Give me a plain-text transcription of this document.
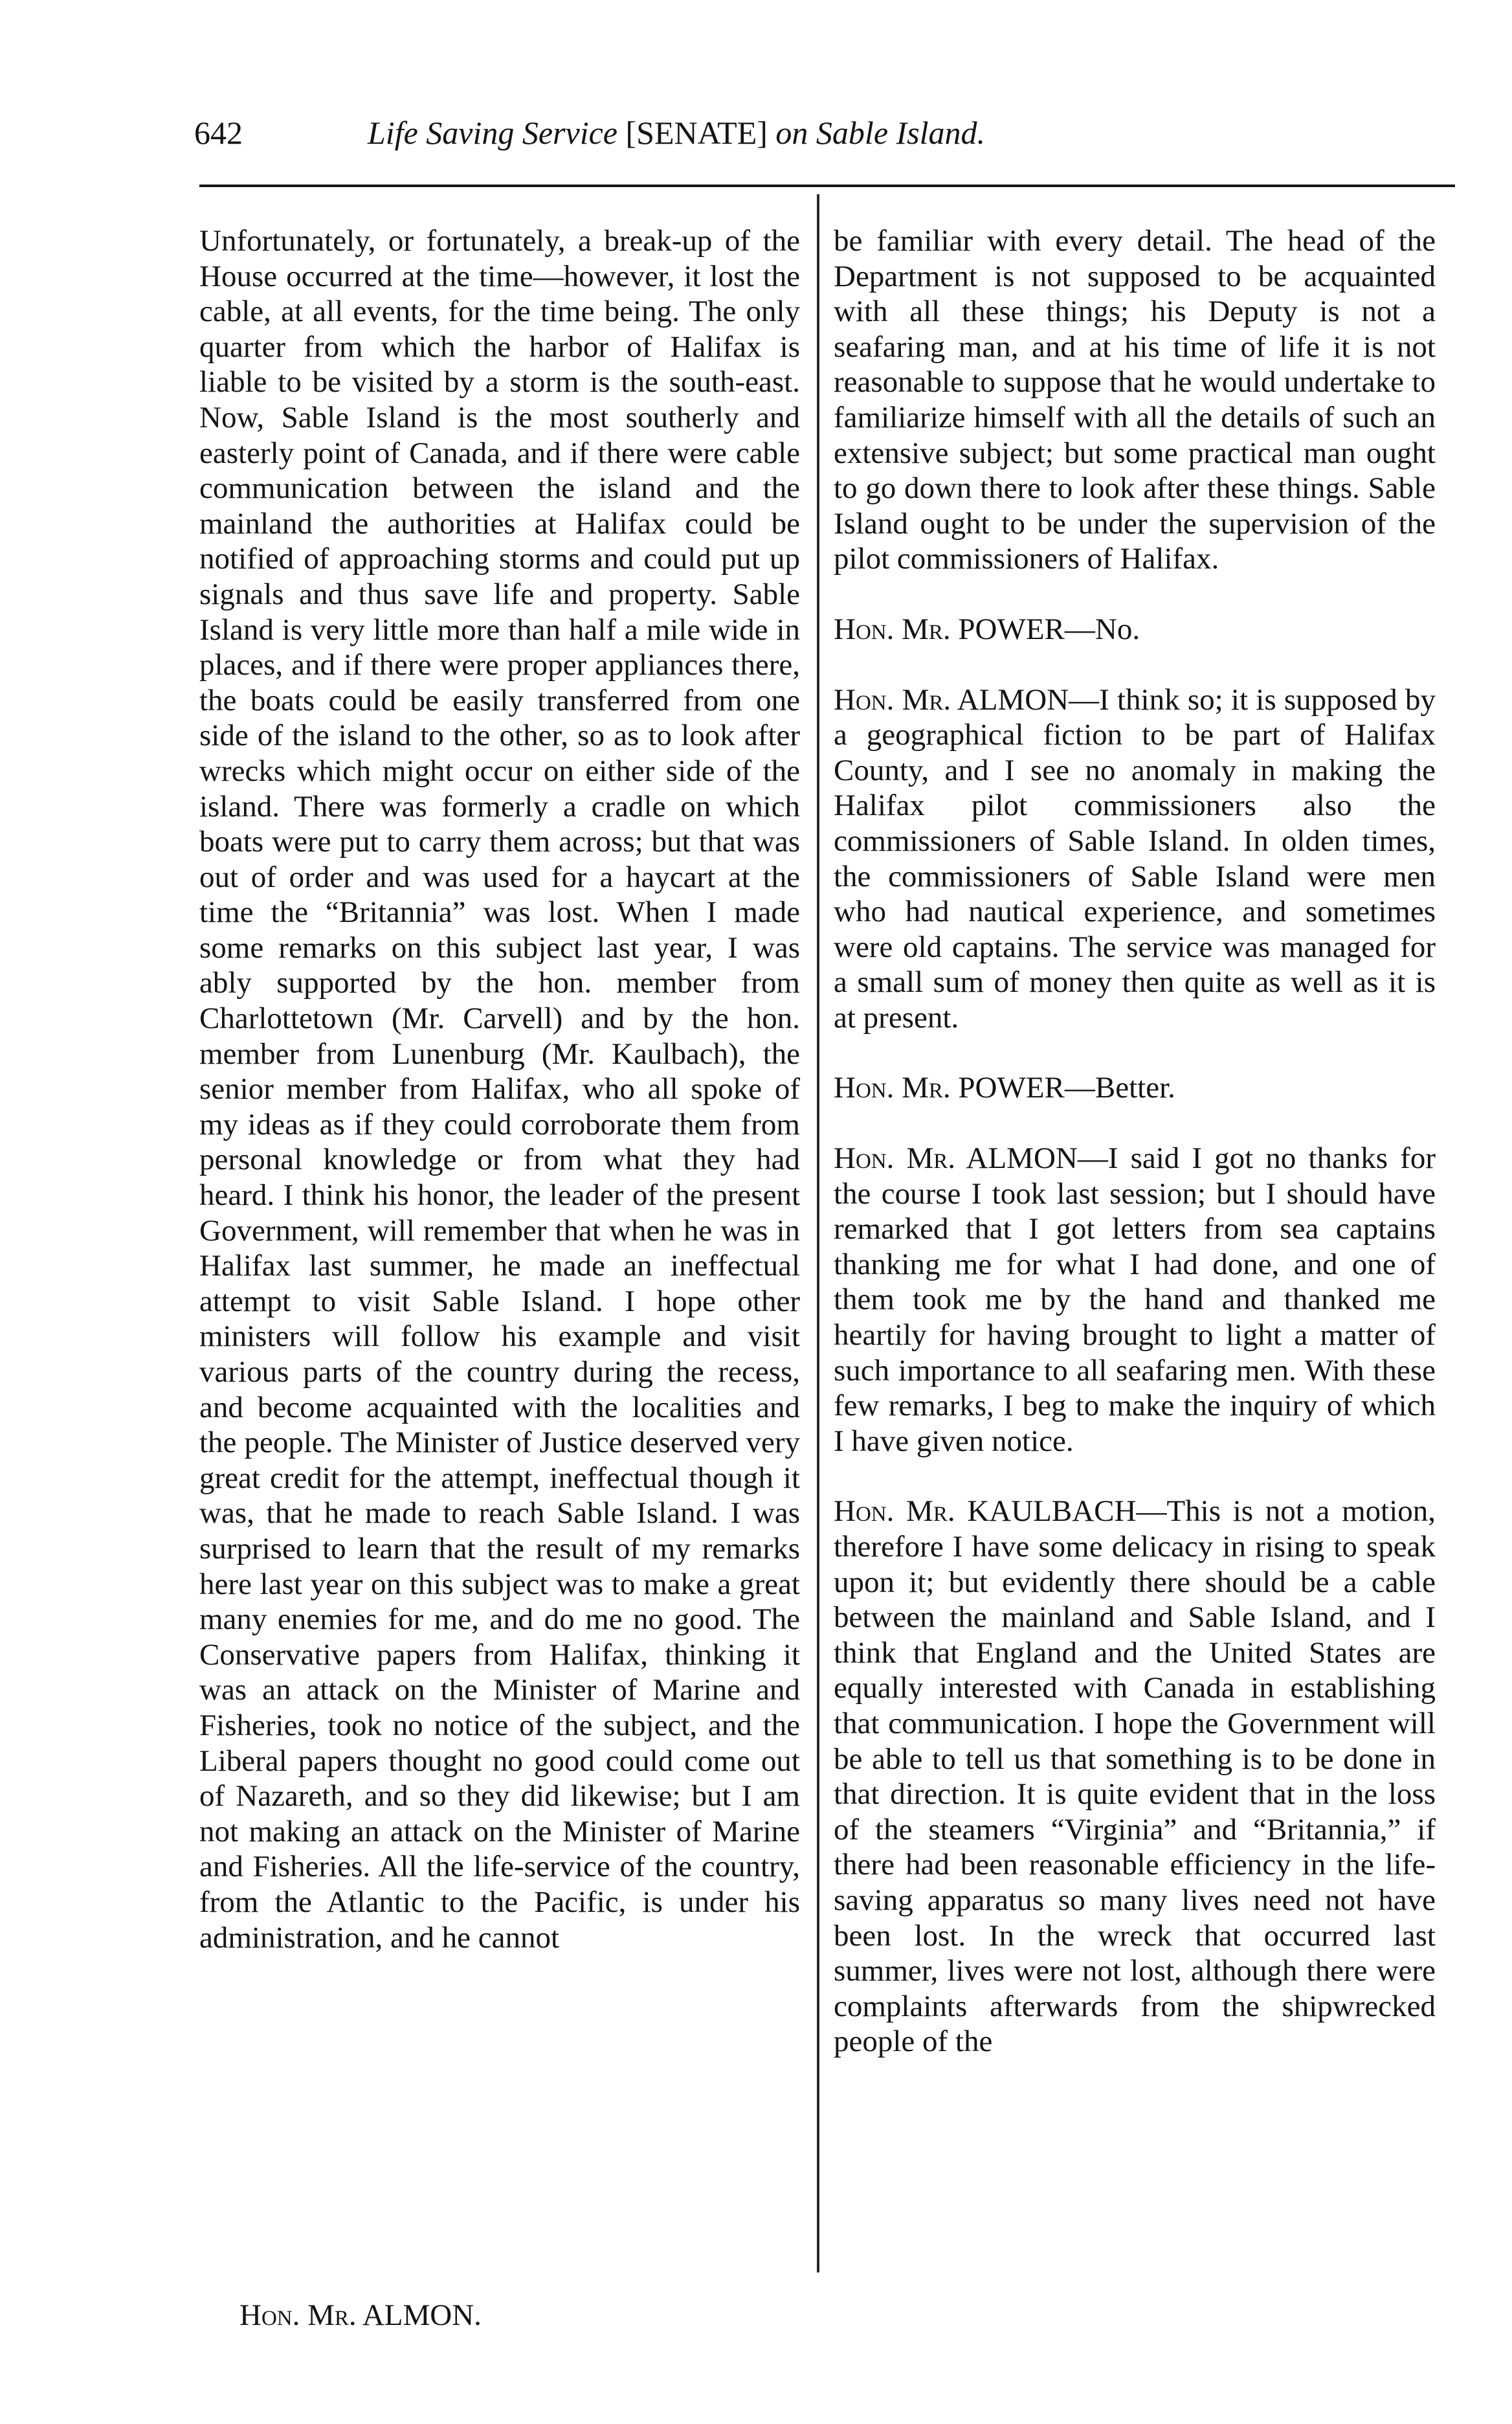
642	Life Saving Service [SENATE] on Sable Island.

Unfortunately, or fortunately, a break-up of the House occurred at the time—however, it lost the cable, at all events, for the time being. The only quarter from which the harbor of Halifax is liable to be visited by a storm is the south-east. Now, Sable Island is the most southerly and easterly point of Canada, and if there were cable communication between the island and the mainland the authorities at Halifax could be notified of approaching storms and could put up signals and thus save life and property. Sable Island is very little more than half a mile wide in places, and if there were proper appliances there, the boats could be easily transferred from one side of the island to the other, so as to look after wrecks which might occur on either side of the island. There was formerly a cradle on which boats were put to carry them across; but that was out of order and was used for a haycart at the time the “Britannia” was lost. When I made some remarks on this subject last year, I was ably supported by the hon. member from Charlottetown (Mr. Carvell) and by the hon. member from Lunenburg (Mr. Kaulbach), the senior member from Halifax, who all spoke of my ideas as if they could corroborate them from personal knowledge or from what they had heard. I think his honor, the leader of the present Government, will remember that when he was in Halifax last summer, he made an ineffectual attempt to visit Sable Island. I hope other ministers will follow his example and visit various parts of the country during the recess, and become acquainted with the localities and the people. The Minister of Justice deserved very great credit for the attempt, ineffectual though it was, that he made to reach Sable Island. I was surprised to learn that the result of my remarks here last year on this subject was to make a great many enemies for me, and do me no good. The Conservative papers from Halifax, thinking it was an attack on the Minister of Marine and Fisheries, took no notice of the subject, and the Liberal papers thought no good could come out of Nazareth, and so they did likewise; but I am not making an attack on the Minister of Marine and Fisheries. All the life-service of the country, from the Atlantic to the Pacific, is under his administration, and he cannot

be familiar with every detail. The head of the Department is not supposed to be acquainted with all these things; his Deputy is not a seafaring man, and at his time of life it is not reasonable to suppose that he would undertake to familiarize himself with all the details of such an extensive subject; but some practical man ought to go down there to look after these things. Sable Island ought to be under the supervision of the pilot commissioners of Halifax.

Hon. Mr. POWER—No.

Hon. Mr. ALMON—I think so; it is supposed by a geographical fiction to be part of Halifax County, and I see no anomaly in making the Halifax pilot commissioners also the commissioners of Sable Island. In olden times, the commissioners of Sable Island were men who had nautical experience, and sometimes were old captains. The service was managed for a small sum of money then quite as well as it is at present.

Hon. Mr. POWER—Better.

Hon. Mr. ALMON—I said I got no thanks for the course I took last session; but I should have remarked that I got letters from sea captains thanking me for what I had done, and one of them took me by the hand and thanked me heartily for having brought to light a matter of such importance to all seafaring men. With these few remarks, I beg to make the inquiry of which I have given notice.

Hon. Mr. KAULBACH—This is not a motion, therefore I have some delicacy in rising to speak upon it; but evidently there should be a cable between the mainland and Sable Island, and I think that England and the United States are equally interested with Canada in establishing that communication. I hope the Government will be able to tell us that something is to be done in that direction. It is quite evident that in the loss of the steamers “Virginia” and “Britannia,” if there had been reasonable efficiency in the life-saving apparatus so many lives need not have been lost. In the wreck that occurred last summer, lives were not lost, although there were complaints afterwards from the shipwrecked people of the

Hon. Mr. ALMON.
